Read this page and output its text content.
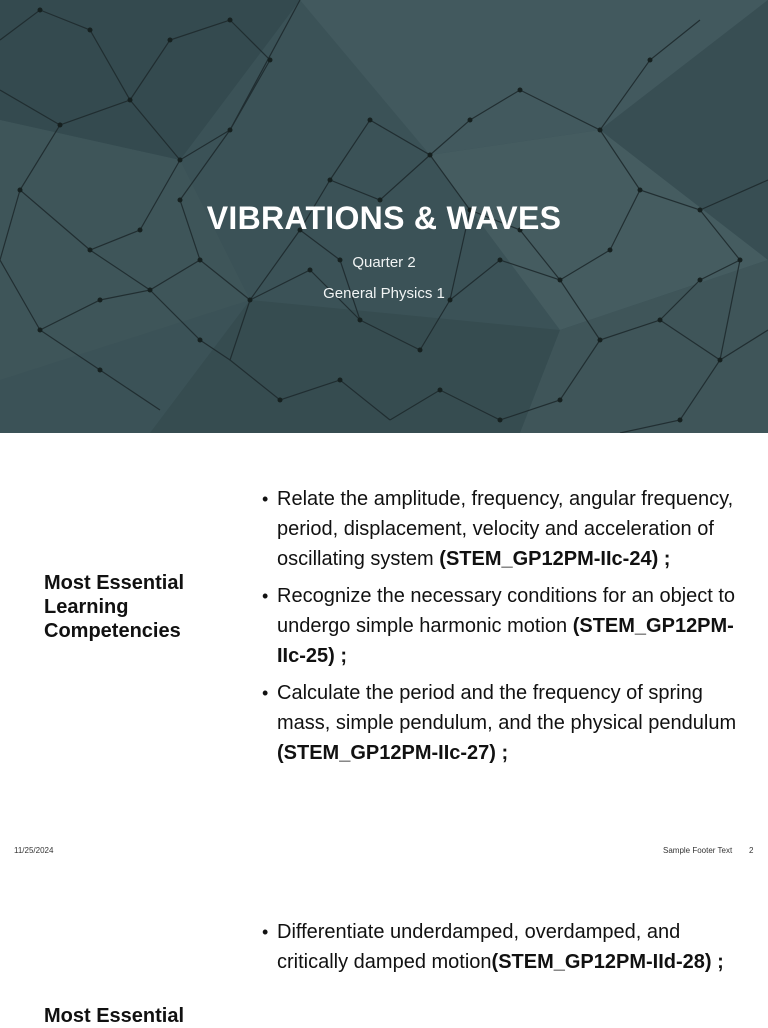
VIBRATIONS & WAVES
Quarter 2
General Physics 1
Most Essential
Learning
Competencies
• Relate the amplitude, frequency, angular frequency, period, displacement, velocity and acceleration of oscillating system (STEM_GP12PM-IIc-24) ;
• Recognize the necessary conditions for an object to undergo simple harmonic motion (STEM_GP12PM-IIc-25) ;
• Calculate the period and the frequency of spring mass, simple pendulum, and the physical pendulum (STEM_GP12PM-IIc-27) ;
11/25/2024	Sample Footer Text 2
Most Essential
• Differentiate underdamped, overdamped, and critically damped motion(STEM_GP12PM-IId-28) ;
